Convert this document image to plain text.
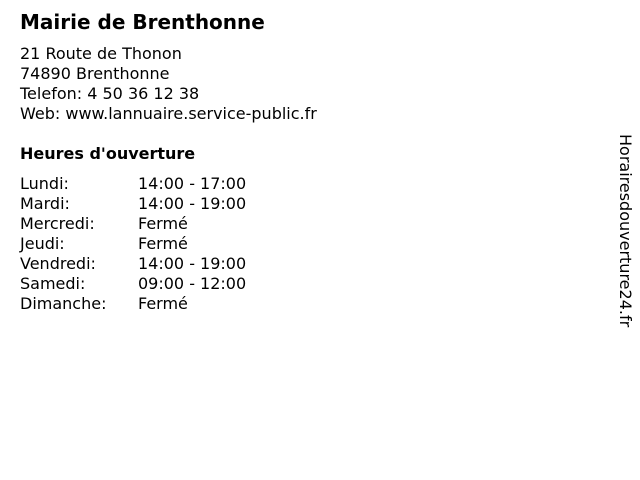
Mairie de Brenthonne
21 Route de Thonon
74890 Brenthonne
Telefon: 4 50 36 12 38
Web: www.lannuaire.service-public.fr
Heures d'ouverture
Lundi:	14:00 - 17:00
Mardi:	14:00 - 19:00
Mercredi:	Fermé
Jeudi:	Fermé
Vendredi:	14:00 - 19:00
Samedi:	09:00 - 12:00
Dimanche:	Fermé	Horairesdouverture24.fr
